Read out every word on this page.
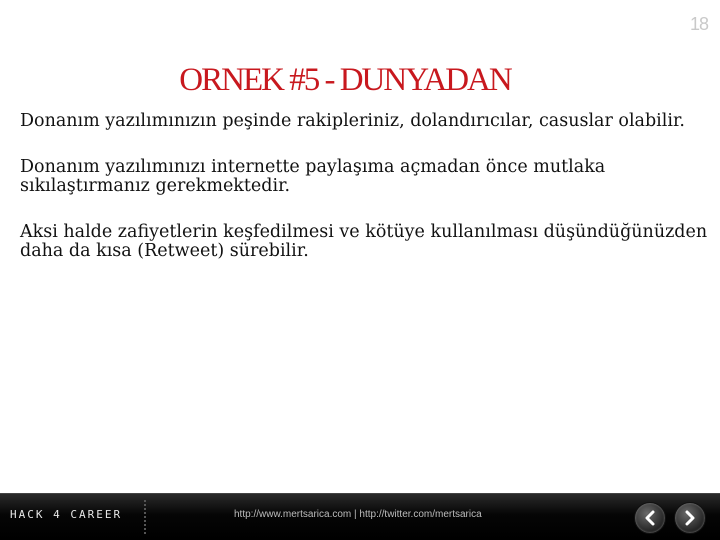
18
ORNEK #5 - DUNYADAN

Donanım yazılımınızın peşinde rakipleriniz, dolandırıcılar, casuslar olabilir.

Donanım yazılımınızı internette paylaşıma açmadan önce mutlaka sıkılaştırmanız gerekmektedir.

Aksi halde zafiyetlerin keşfedilmesi ve kötüye kullanılması düşündüğünüzden daha da kısa (Retweet) sürebilir.

HACK 4 CAREER	http://www.mertsarica.com | http://twitter.com/mertsarica
